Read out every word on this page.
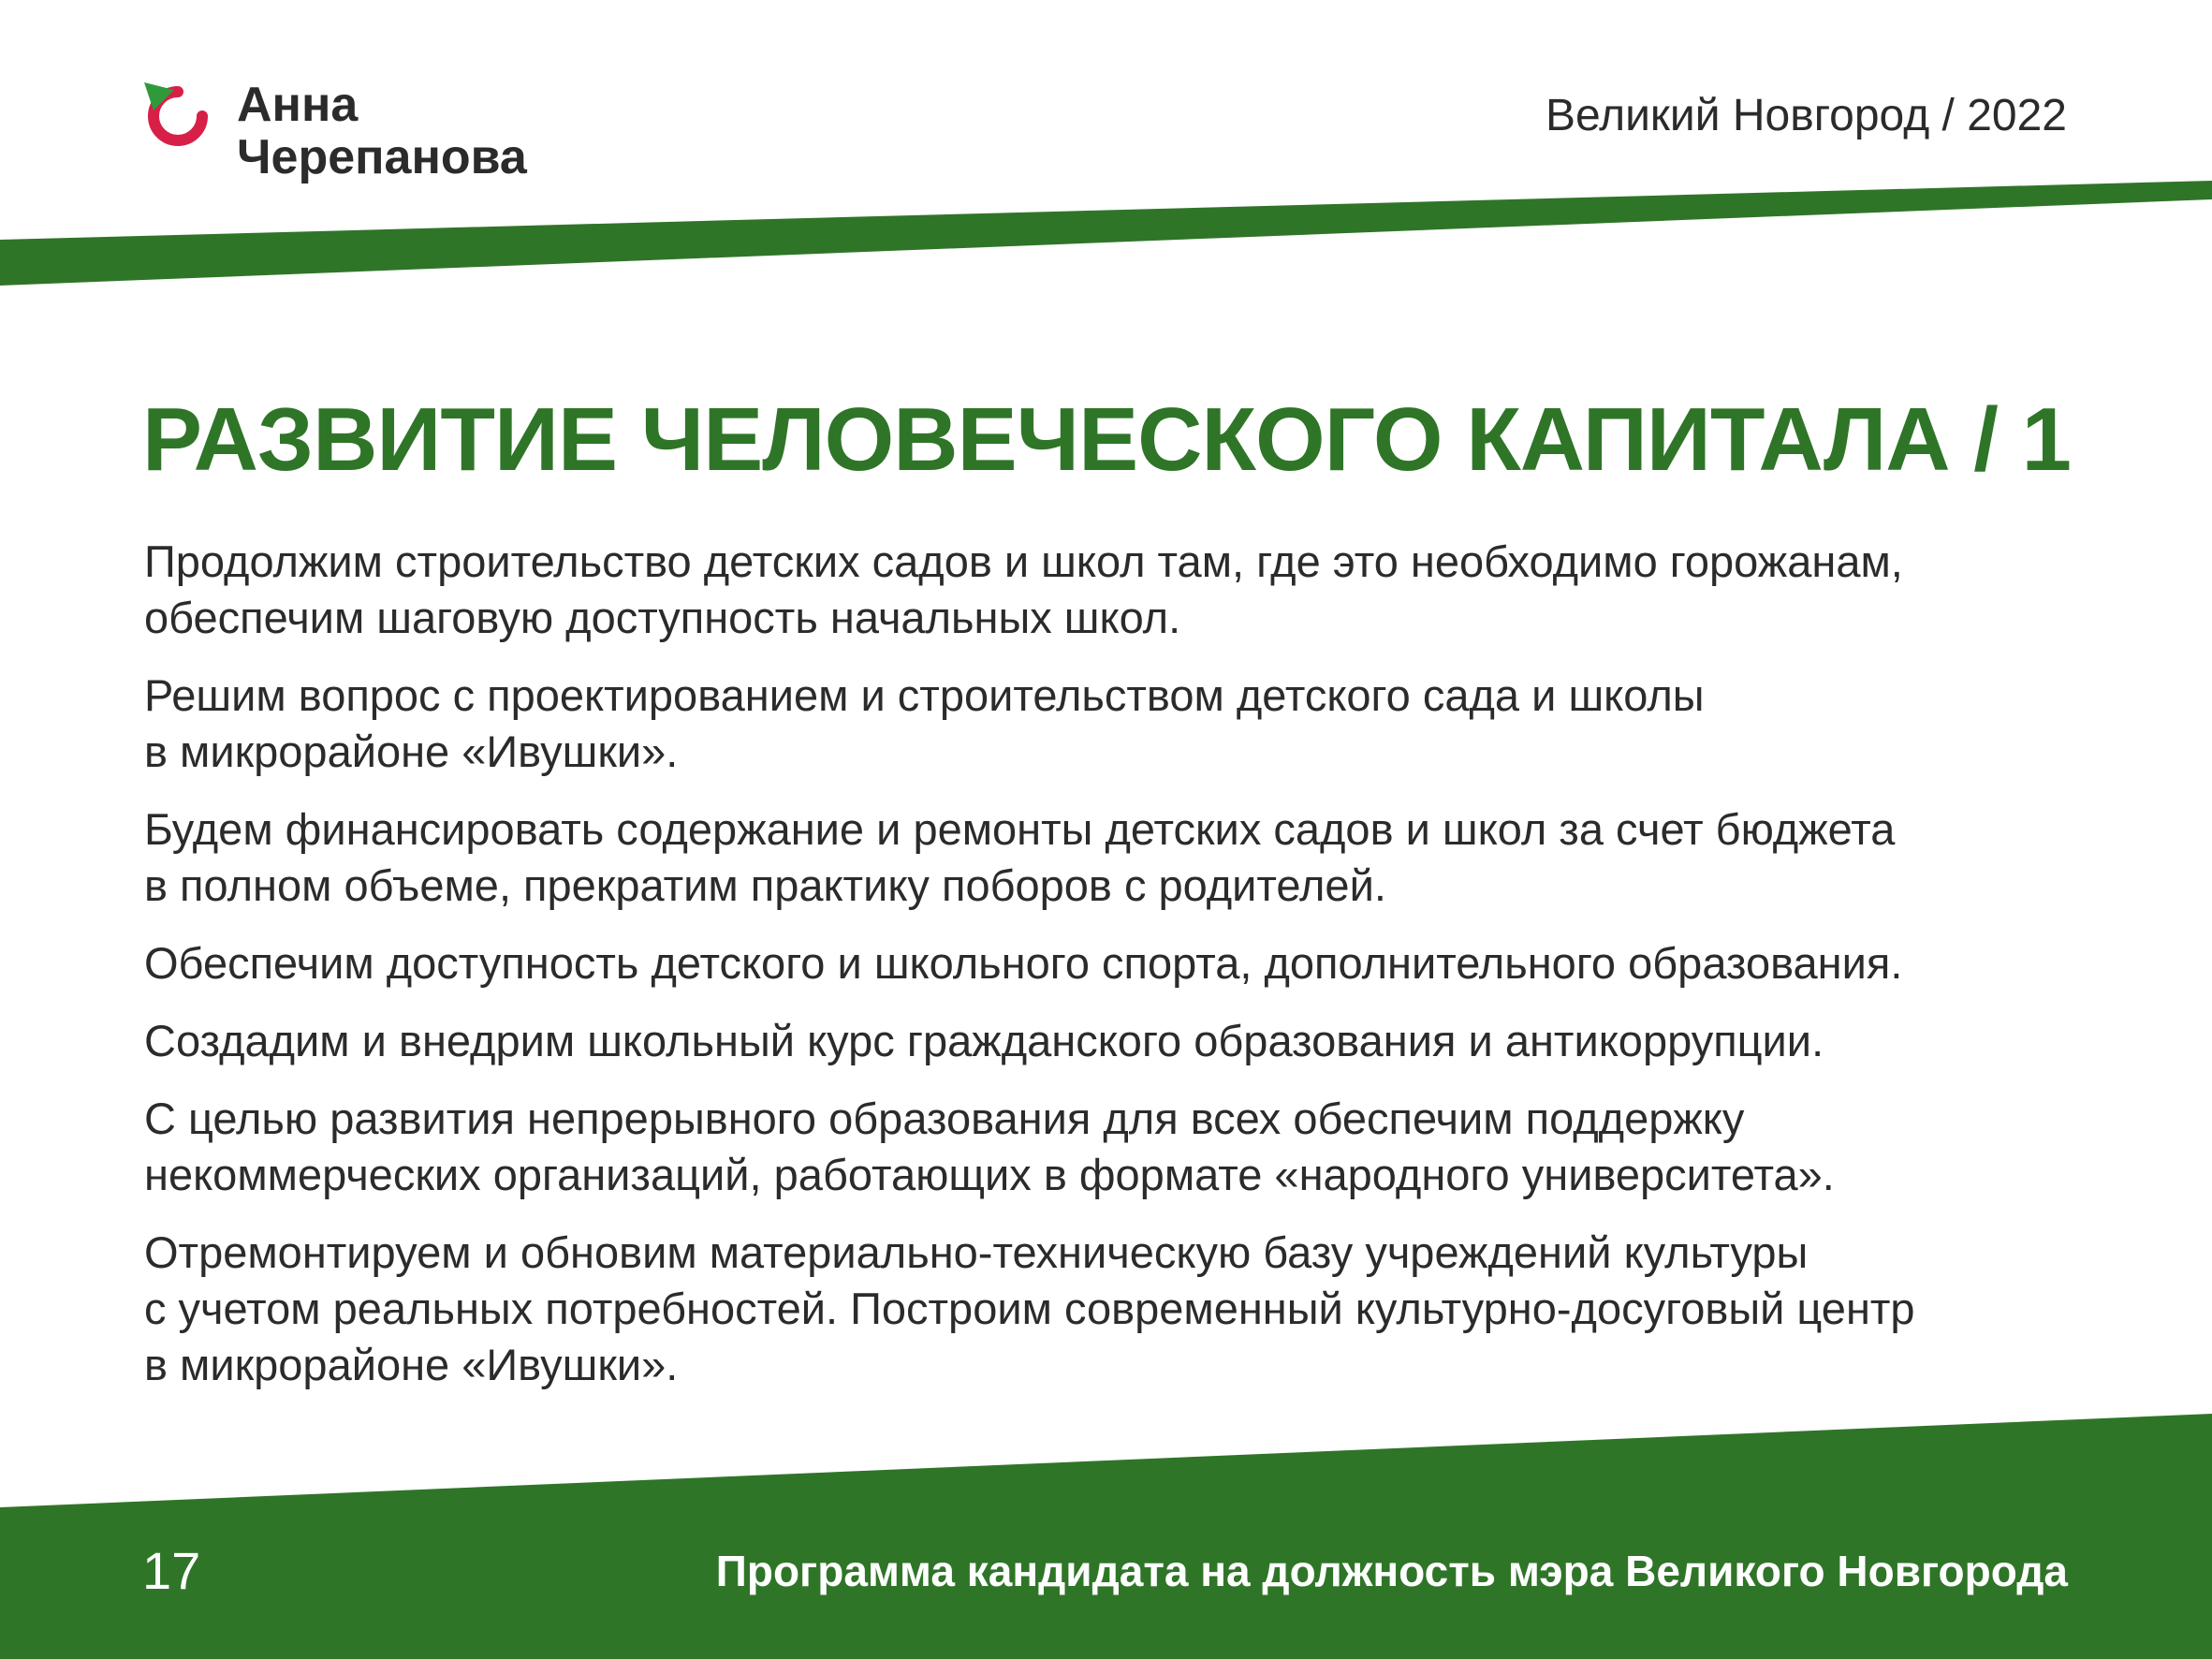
Анна
Черепанова
Великий Новгород / 2022
РАЗВИТИЕ ЧЕЛОВЕЧЕСКОГО КАПИТАЛА / 1

Продолжим строительство детских садов и школ там, где это необходимо горожанам,
обеспечим шаговую доступность начальных школ.

Решим вопрос с проектированием и строительством детского сада и школы
в микрорайоне «Ивушки».

Будем финансировать содержание и ремонты детских садов и школ за счет бюджета
в полном объеме, прекратим практику поборов с родителей.

Обеспечим доступность детского и школьного спорта, дополнительного образования.

Создадим и внедрим школьный курс гражданского образования и антикоррупции.

С целью развития непрерывного образования для всех обеспечим поддержку
некоммерческих организаций, работающих в формате «народного университета».

Отремонтируем и обновим материально-техническую базу учреждений культуры
с учетом реальных потребностей. Построим современный культурно-досуговый центр
в микрорайоне «Ивушки».

17	Программа кандидата на должность мэра Великого Новгорода
